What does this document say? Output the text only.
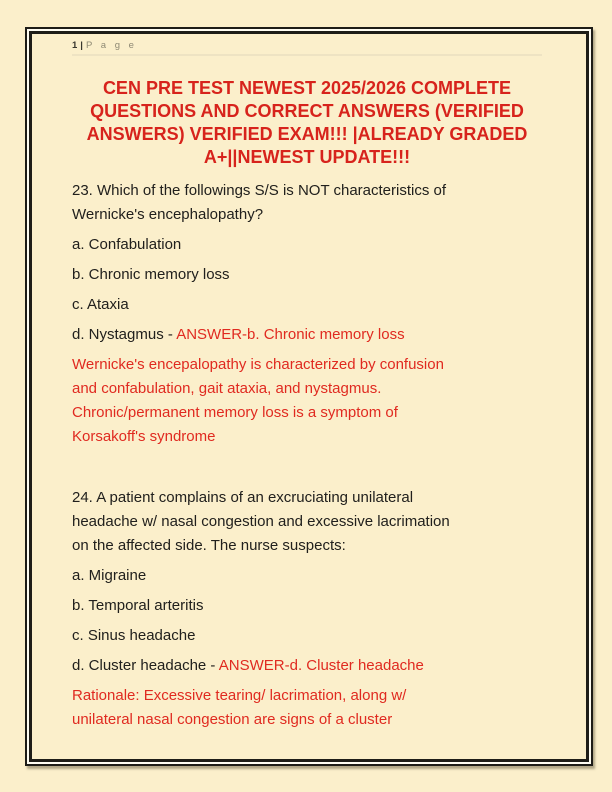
1 | P a g e
CEN PRE TEST NEWEST 2025/2026 COMPLETE
QUESTIONS AND CORRECT ANSWERS (VERIFIED
ANSWERS) VERIFIED EXAM!!! |ALREADY GRADED
A+||NEWEST UPDATE!!!

23. Which of the followings S/S is NOT characteristics of
Wernicke's encephalopathy?

a. Confabulation

b. Chronic memory loss

c. Ataxia

d. Nystagmus - ANSWER-b. Chronic memory loss

Wernicke's encepalopathy is characterized by confusion
and confabulation, gait ataxia, and nystagmus.
Chronic/permanent memory loss is a symptom of
Korsakoff's syndrome

24. A patient complains of an excruciating unilateral
headache w/ nasal congestion and excessive lacrimation
on the affected side. The nurse suspects:

a. Migraine

b. Temporal arteritis

c. Sinus headache

d. Cluster headache - ANSWER-d. Cluster headache

Rationale: Excessive tearing/ lacrimation, along w/
unilateral nasal congestion are signs of a cluster
